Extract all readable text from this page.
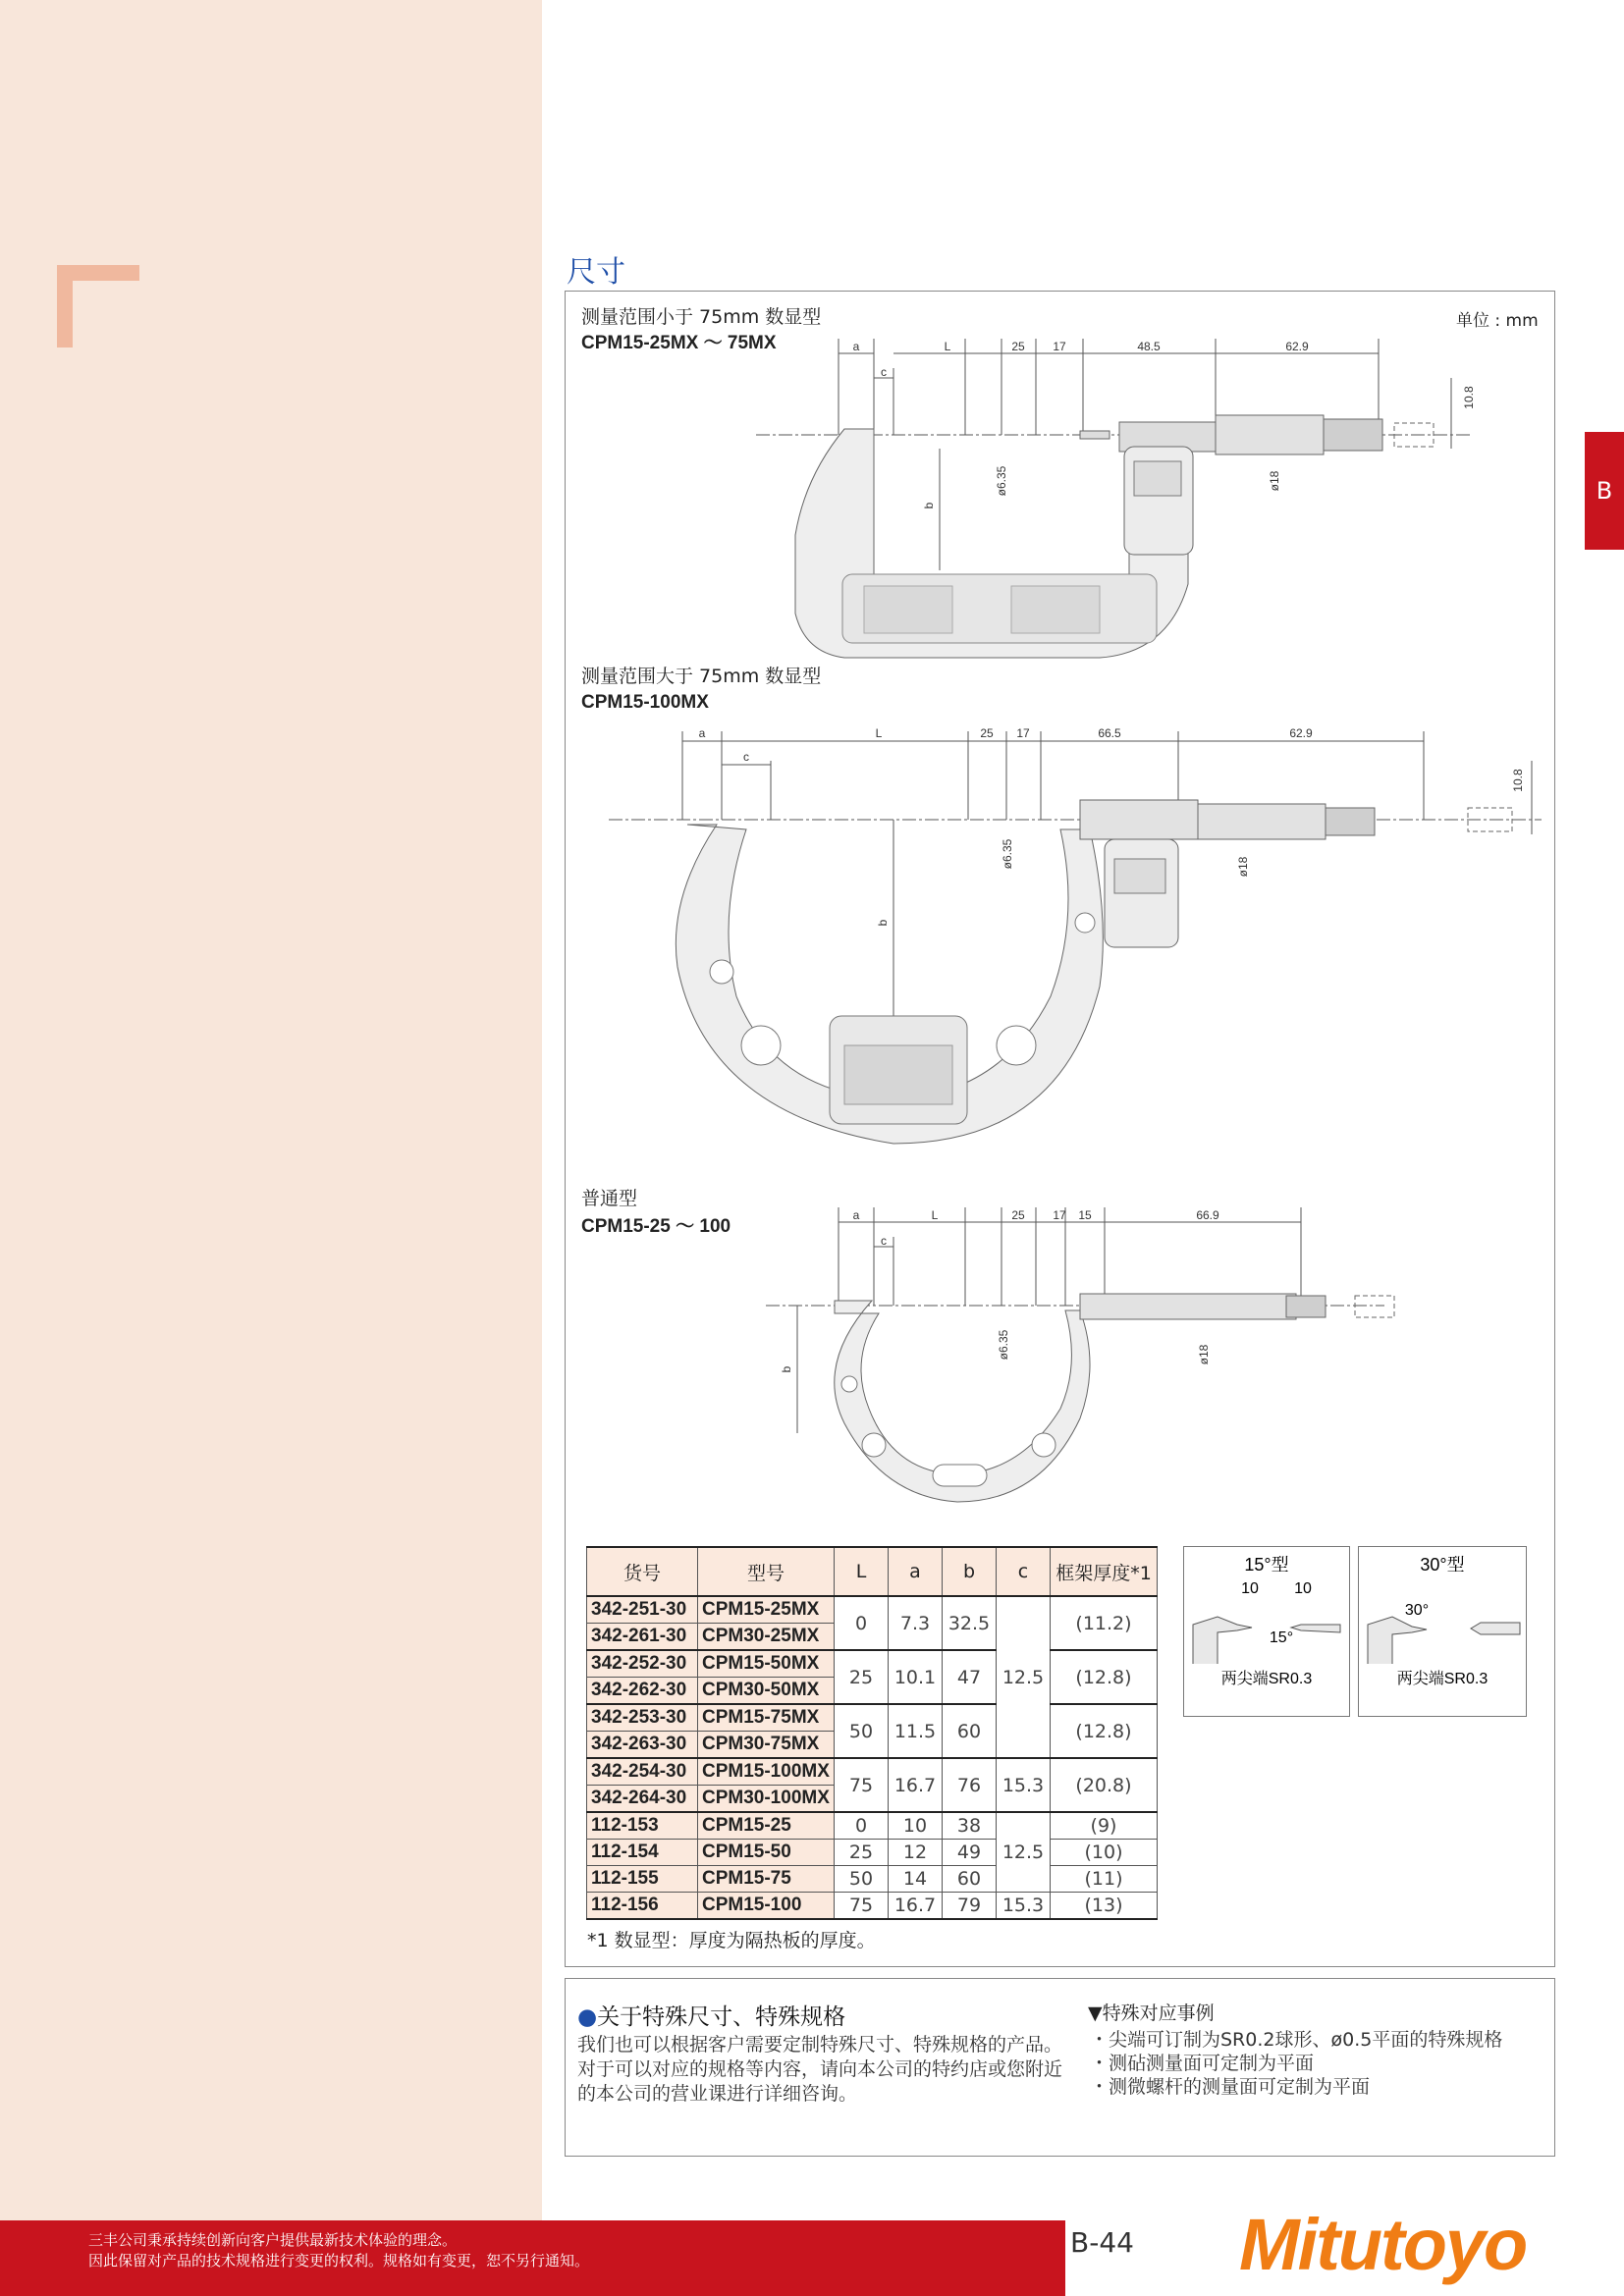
B
尺寸
单位 : mm
测量范围小于 75mm 数显型
CPM15-25MX ～ 75MX
测量范围大于 75mm 数显型
CPM15-100MX
普通型
CPM15-25 ～ 100
a
c
L	25 17	48.5	62.9
10.8
ø6.35	ø18
b
a
c
L	25 17	66.5	62.9
10.8
ø6.35	ø18
b
a
c
L	25 17 15	66.9
ø6.35	ø18
b
货号	型号	L	a	b	c	框架厚度*1
342-251-30	CPM15-25MX	0	7.3	32.5	12.5	(11.2)
342-261-30	CPM30-25MX					
342-252-30	CPM15-50MX	25	10.1	47		(12.8)
342-262-30	CPM30-50MX					
342-253-30	CPM15-75MX	50	11.5	60		(12.8)
342-263-30	CPM30-75MX					
342-254-30	CPM15-100MX	75	16.7	76	15.3	(20.8)
342-264-30	CPM30-100MX					
112-153	CPM15-25	0	10	38	12.5	(9)
112-154	CPM15-50	25	12	49		(10)
112-155	CPM15-75	50	14	60		(11)
112-156	CPM15-100	75	16.7	79	15.3	(13)
*1 数显型：厚度为隔热板的厚度。
15°型
10 10
15°
两尖端SR0.3
30°型
30°
两尖端SR0.3
●关于特殊尺寸、特殊规格
我们也可以根据客户需要定制特殊尺寸、特殊规格的产品。对于可以对应的规格等内容，请向本公司的特约店或您附近的本公司的营业课进行详细咨询。
▼特殊对应事例
・尖端可订制为SR0.2球形、ø0.5平面的特殊规格
・测砧测量面可定制为平面
・测微螺杆的测量面可定制为平面
三丰公司秉承持续创新向客户提供最新技术体验的理念。
因此保留对产品的技术规格进行变更的权利。规格如有变更，恕不另行通知。
B-44 Mitutoyo
